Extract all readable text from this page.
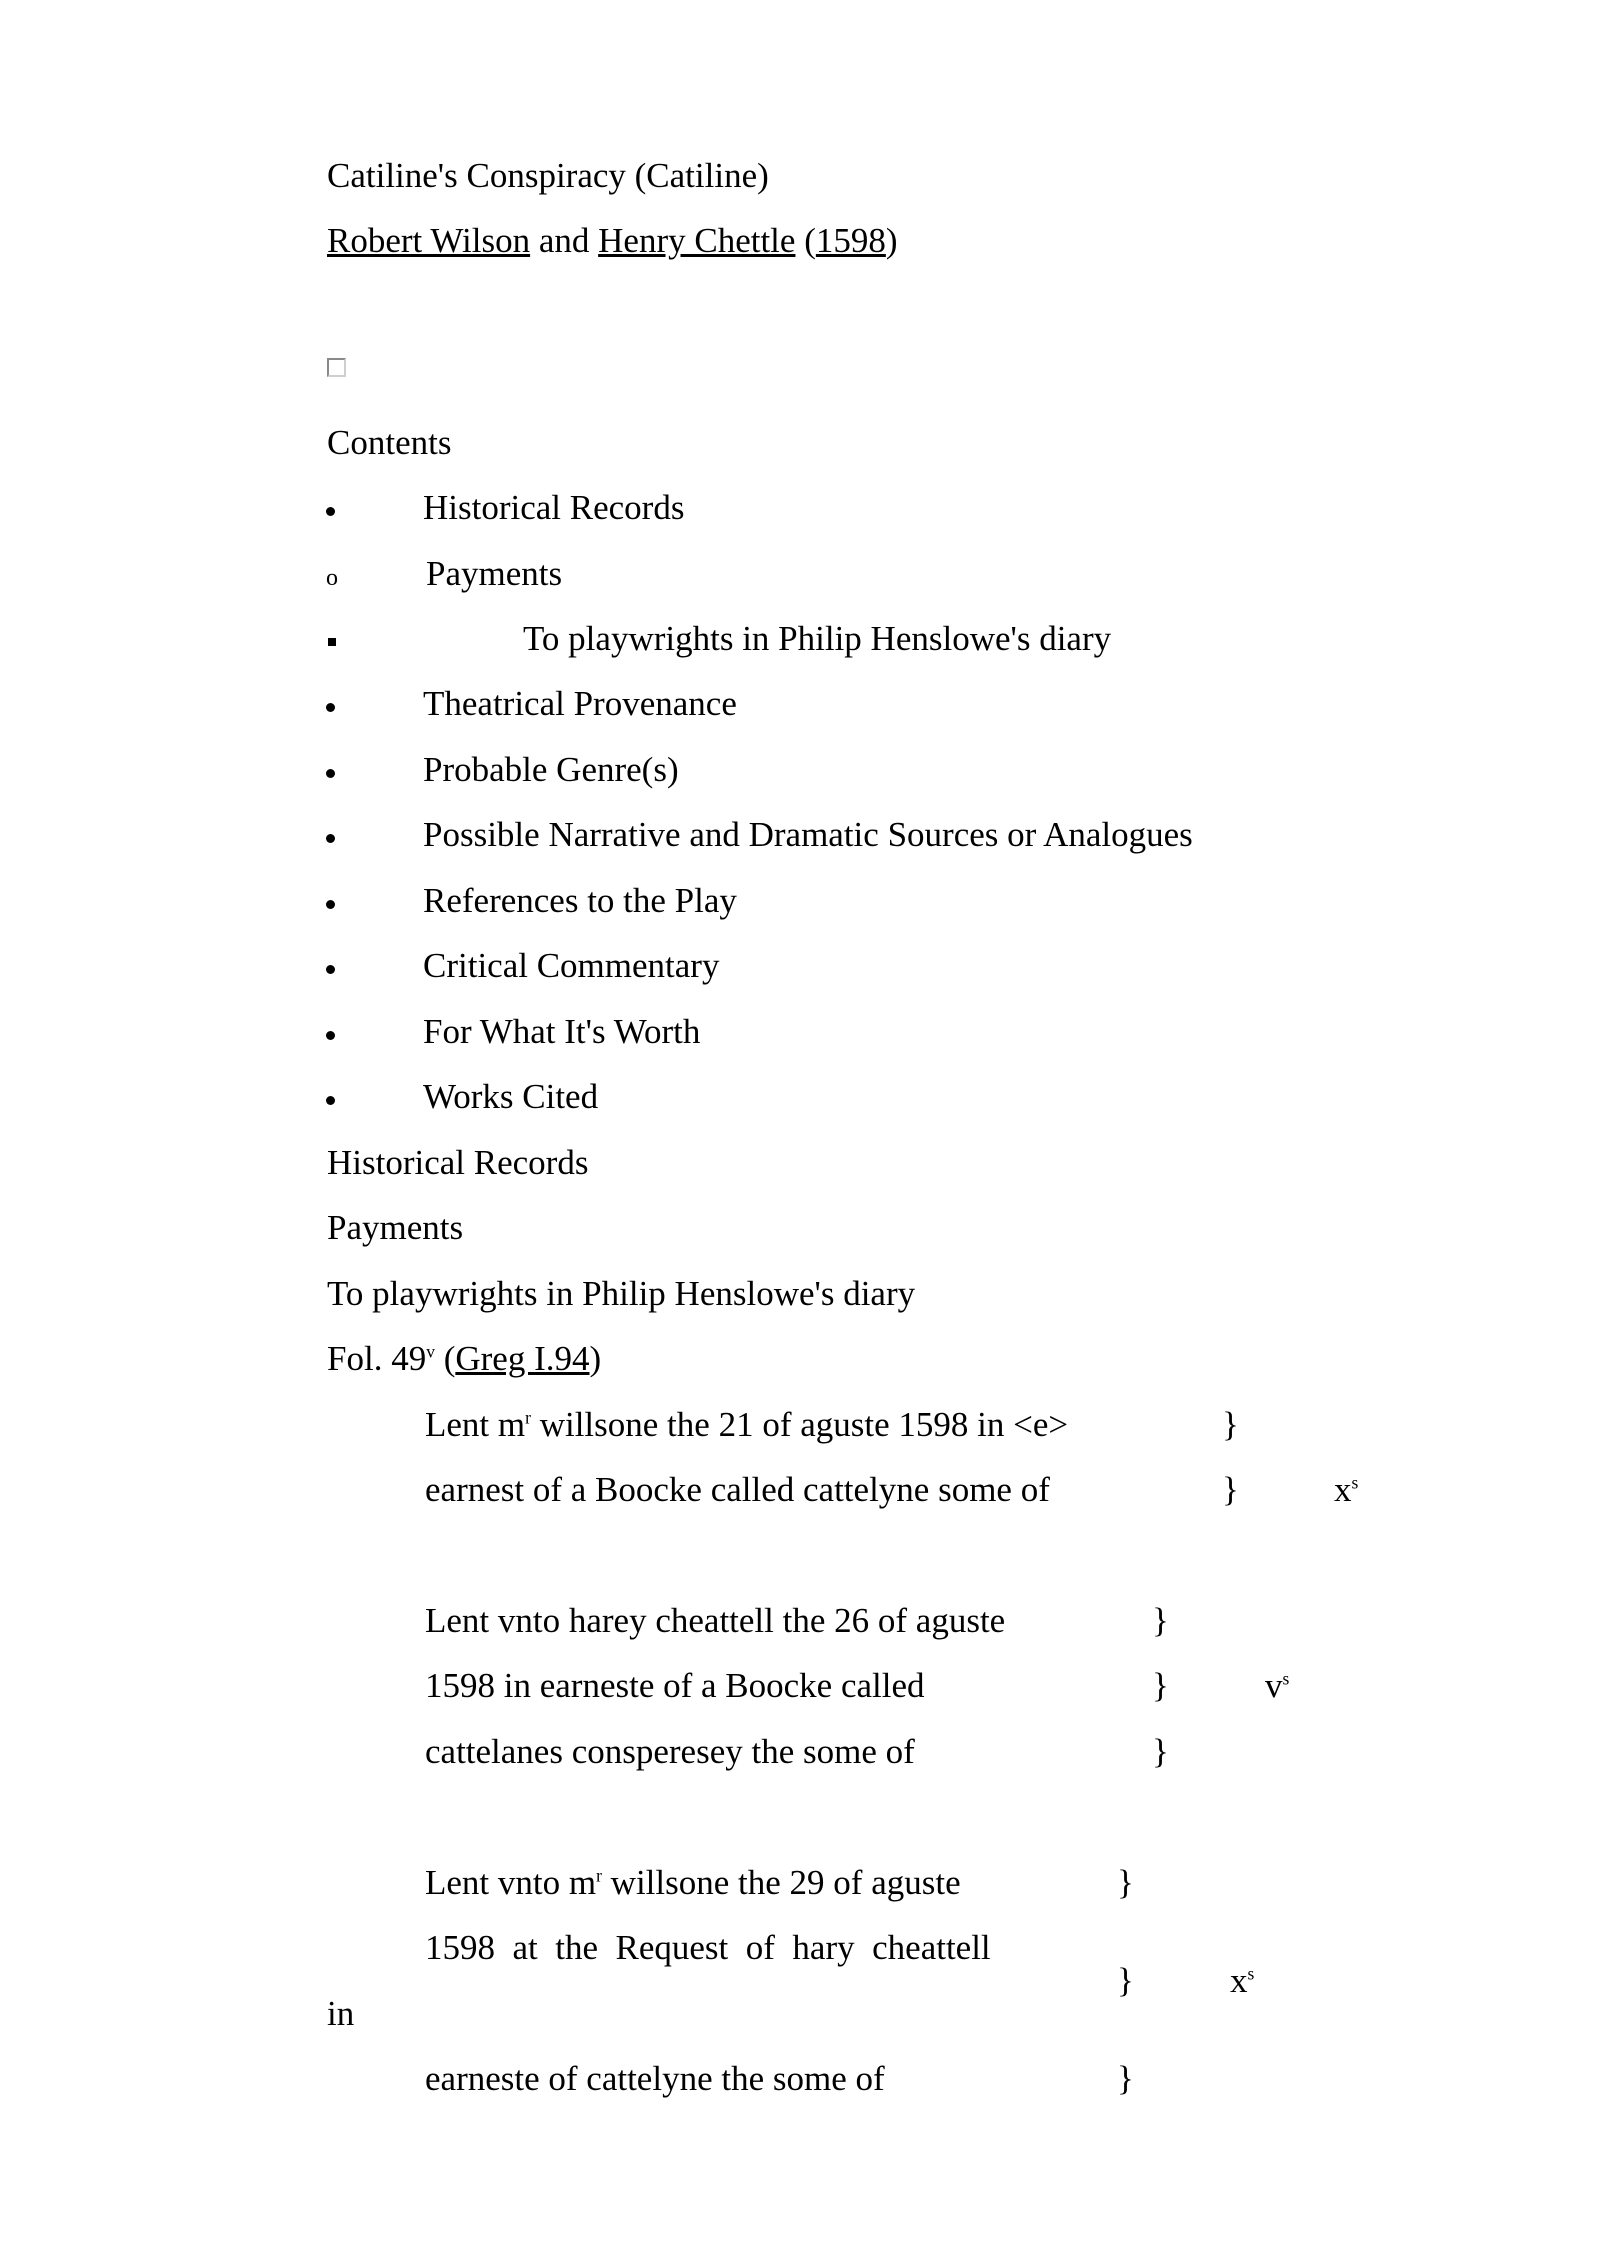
Catiline's Conspiracy (Catiline)
Robert Wilson and Henry Chettle (1598)
Contents
Historical Records
o	Payments
To playwrights in Philip Henslowe's diary
Theatrical Provenance
Probable Genre(s)
Possible Narrative and Dramatic Sources or Analogues
References to the Play
Critical Commentary
For What It's Worth
Works Cited
Historical Records
Payments
To playwrights in Philip Henslowe's diary
Fol. 49$^v$ (Greg I.94)
Lent $m^r$ willsone the 21 of aguste 1598 in <e>	}
earnest of a Boocke called cattelyne some of	}	$x^s$
Lent vnto harey cheattell the 26 of aguste	}
1598 in earneste of a Boocke called	}	$v^s$
cattelanes consperesey the some of	}
Lent vnto $m^r$ willsone the 29 of aguste	}
1598  at  the  Request  of  hary  cheattell
}	$x^s$
in
earneste of cattelyne the some of	}
